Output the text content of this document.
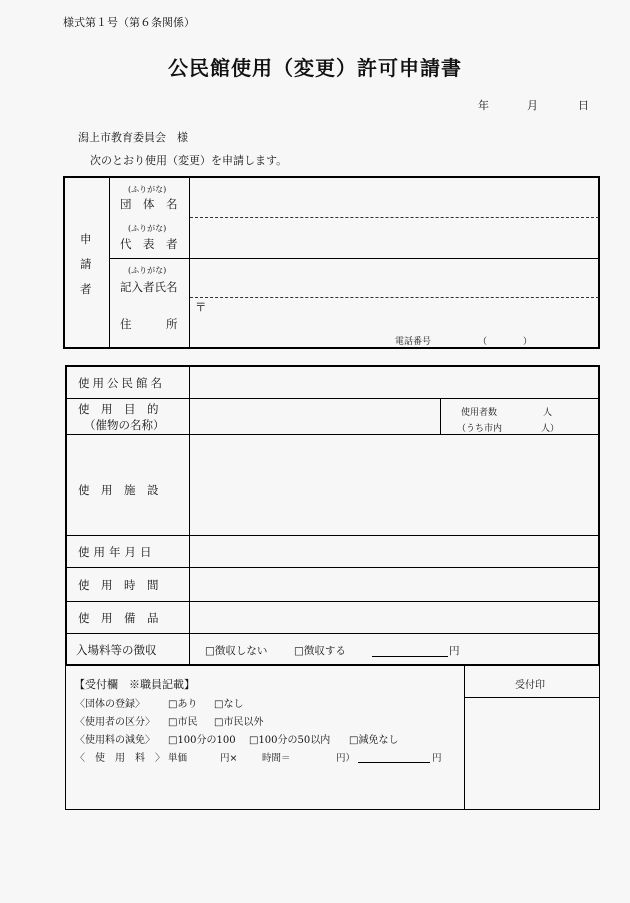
様式第１号（第６条関係）
公民館使用（変更）許可申請書
年	月	日
潟上市教育委員会　様
次のとおり使用（変更）を申請します。
申
請
者
(ふりがな)
団　体　名
(ふりがな)
代　表　者
(ふりがな)
記入者氏名
住　　　所
〒
電話番号	（　　　　）
使用公民館名
使　用　目　的
（催物の名称）
使用者数	人
（うち市内	人）
使　用　施　設
使用年月日
使　用　時　間
使　用　備　品
入場料等の徴収	□徴収しない	□徴収する	円
【受付欄　※職員記載】	受付印
〈団体の登録〉 □あり □なし
〈使用者の区分〉 □市民 □市民以外
〈使用料の減免〉 □100分の100 □100分の50以内 □減免なし
〈　使　用　料　〉 単価	円×	時間＝	円）	円
